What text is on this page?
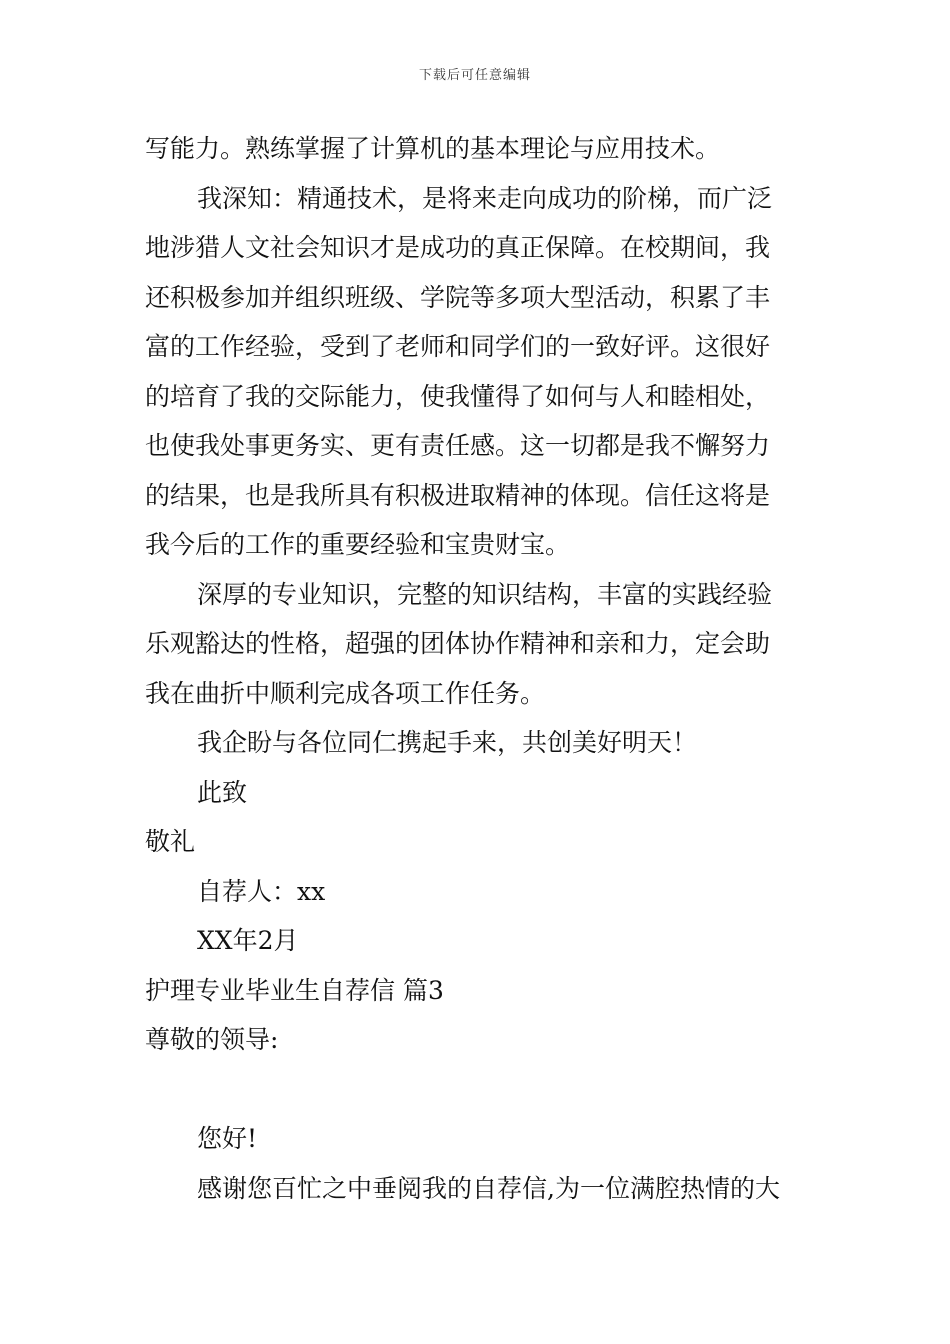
下载后可任意编辑
写能力。熟练掌握了计算机的基本理论与应用技术。
我深知：精通技术，是将来走向成功的阶梯，而广泛
地涉猎人文社会知识才是成功的真正保障。在校期间，我
还积极参加并组织班级、学院等多项大型活动，积累了丰
富的工作经验，受到了老师和同学们的一致好评。这很好
的培育了我的交际能力，使我懂得了如何与人和睦相处，
也使我处事更务实、更有责任感。这一切都是我不懈努力
的结果，也是我所具有积极进取精神的体现。信任这将是
我今后的工作的重要经验和宝贵财宝。
深厚的专业知识，完整的知识结构，丰富的实践经验
乐观豁达的性格，超强的团体协作精神和亲和力，定会助
我在曲折中顺利完成各项工作任务。
我企盼与各位同仁携起手来，共创美好明天！
此致
敬礼
自荐人：xx
XX年2月
护理专业毕业生自荐信 篇3
尊敬的领导:
您好!
感谢您百忙之中垂阅我的自荐信,为一位满腔热情的大
